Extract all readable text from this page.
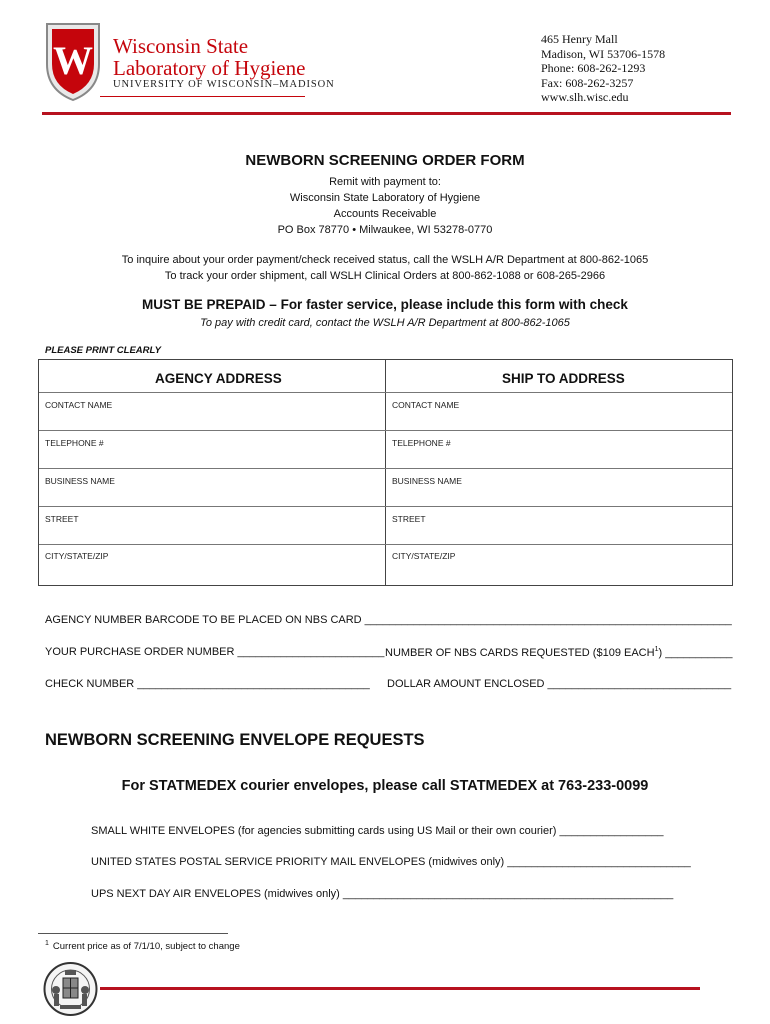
W Wisconsin State
Laboratory of Hygiene
UNIVERSITY OF WISCONSIN–MADISON
465 Henry Mall
Madison, WI 53706-1578
Phone: 608-262-1293
Fax: 608-262-3257
www.slh.wisc.edu
NEWBORN SCREENING ORDER FORM
Remit with payment to:
Wisconsin State Laboratory of Hygiene
Accounts Receivable
PO Box 78770 • Milwaukee, WI 53278-0770
To inquire about your order payment/check received status, call the WSLH A/R Department at 800-862-1065
To track your order shipment, call WSLH Clinical Orders at 800-862-1088 or 608-265-2966
MUST BE PREPAID – For faster service, please include this form with check
To pay with credit card, contact the WSLH A/R Department at 800-862-1065
PLEASE PRINT CLEARLY
AGENCY ADDRESS	SHIP TO ADDRESS
CONTACT NAME	CONTACT NAME
TELEPHONE #	TELEPHONE #
BUSINESS NAME	BUSINESS NAME
STREET	STREET
CITY/STATE/ZIP	CITY/STATE/ZIP
AGENCY NUMBER BARCODE TO BE PLACED ON NBS CARD ____________________________________________________________
YOUR PURCHASE ORDER NUMBER ________________________ NUMBER OF NBS CARDS REQUESTED ($109 EACH$^1$) ___________
CHECK NUMBER ______________________________________ DOLLAR AMOUNT ENCLOSED ______________________________
NEWBORN SCREENING ENVELOPE REQUESTS
For STATMEDEX courier envelopes, please call STATMEDEX at 763-233-0099
SMALL WHITE ENVELOPES (for agencies submitting cards using US Mail or their own courier) _________________
UNITED STATES POSTAL SERVICE PRIORITY MAIL ENVELOPES (midwives only) ______________________________
UPS NEXT DAY AIR ENVELOPES (midwives only) ______________________________________________________
$^1$ Current price as of 7/1/10, subject to change
